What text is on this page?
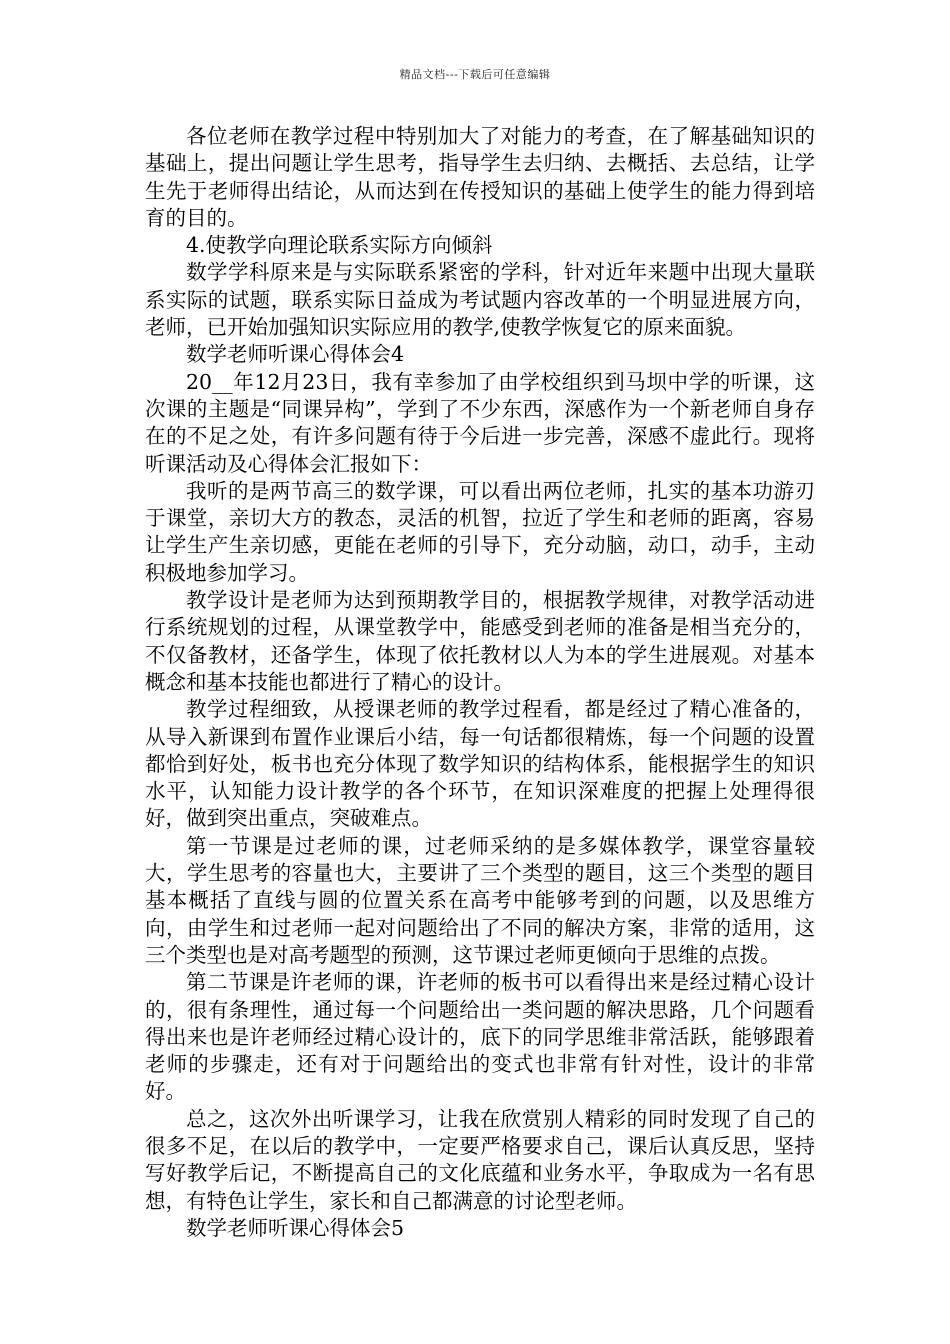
精品文档---下载后可任意编辑

各位老师在教学过程中特别加大了对能力的考查，在了解基础知识的基础上，提出问题让学生思考，指导学生去归纳、去概括、去总结，让学生先于老师得出结论，从而达到在传授知识的基础上使学生的能力得到培育的目的。

4.使教学向理论联系实际方向倾斜

数学学科原来是与实际联系紧密的学科，针对近年来题中出现大量联系实际的试题，联系实际日益成为考试题内容改革的一个明显进展方向，老师，已开始加强知识实际应用的教学,使教学恢复它的原来面貌。

数学老师听课心得体会4

20__年12月23日，我有幸参加了由学校组织到马坝中学的听课，这次课的主题是“同课异构”，学到了不少东西，深感作为一个新老师自身存在的不足之处，有许多问题有待于今后进一步完善，深感不虚此行。现将听课活动及心得体会汇报如下：

我听的是两节高三的数学课，可以看出两位老师，扎实的基本功游刃于课堂，亲切大方的教态，灵活的机智，拉近了学生和老师的距离，容易让学生产生亲切感，更能在老师的引导下，充分动脑，动口，动手，主动积极地参加学习。

教学设计是老师为达到预期教学目的，根据教学规律，对教学活动进行系统规划的过程，从课堂教学中，能感受到老师的准备是相当充分的，不仅备教材，还备学生，体现了依托教材以人为本的学生进展观。对基本概念和基本技能也都进行了精心的设计。

教学过程细致，从授课老师的教学过程看，都是经过了精心准备的，从导入新课到布置作业课后小结，每一句话都很精炼，每一个问题的设置都恰到好处，板书也充分体现了数学知识的结构体系，能根据学生的知识水平，认知能力设计教学的各个环节，在知识深难度的把握上处理得很好，做到突出重点，突破难点。

第一节课是过老师的课，过老师采纳的是多媒体教学，课堂容量较大，学生思考的容量也大，主要讲了三个类型的题目，这三个类型的题目基本概括了直线与圆的位置关系在高考中能够考到的问题，以及思维方向，由学生和过老师一起对问题给出了不同的解决方案，非常的适用，这三个类型也是对高考题型的预测，这节课过老师更倾向于思维的点拨。

第二节课是许老师的课，许老师的板书可以看得出来是经过精心设计的，很有条理性，通过每一个问题给出一类问题的解决思路，几个问题看得出来也是许老师经过精心设计的，底下的同学思维非常活跃，能够跟着老师的步骤走，还有对于问题给出的变式也非常有针对性，设计的非常好。

总之，这次外出听课学习，让我在欣赏别人精彩的同时发现了自己的很多不足，在以后的教学中，一定要严格要求自己，课后认真反思，坚持写好教学后记，不断提高自己的文化底蕴和业务水平，争取成为一名有思想，有特色让学生，家长和自己都满意的讨论型老师。

数学老师听课心得体会5
